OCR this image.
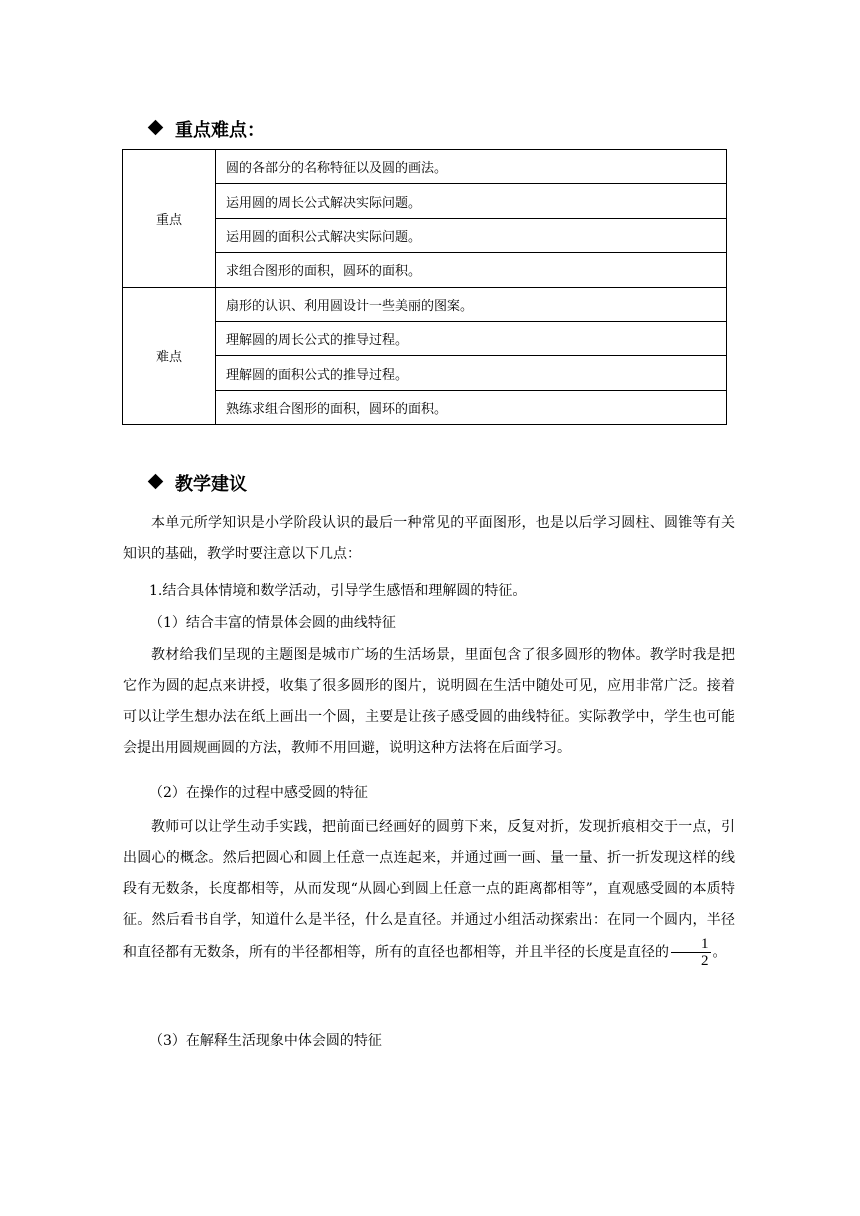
重点难点：
重点	圆的各部分的名称特征以及圆的画法。
	运用圆的周长公式解决实际问题。
	运用圆的面积公式解决实际问题。
	求组合图形的面积，圆环的面积。
难点	扇形的认识、利用圆设计一些美丽的图案。
	理解圆的周长公式的推导过程。
	理解圆的面积公式的推导过程。
	熟练求组合图形的面积，圆环的面积。
教学建议

本单元所学知识是小学阶段认识的最后一种常见的平面图形，也是以后学习圆柱、圆锥等有关知识的基础，教学时要注意以下几点：

1.结合具体情境和数学活动，引导学生感悟和理解圆的特征。

（1）结合丰富的情景体会圆的曲线特征

教材给我们呈现的主题图是城市广场的生活场景，里面包含了很多圆形的物体。教学时我是把它作为圆的起点来讲授，收集了很多圆形的图片，说明圆在生活中随处可见，应用非常广泛。接着可以让学生想办法在纸上画出一个圆，主要是让孩子感受圆的曲线特征。实际教学中，学生也可能会提出用圆规画圆的方法，教师不用回避，说明这种方法将在后面学习。

（2）在操作的过程中感受圆的特征

教师可以让学生动手实践，把前面已经画好的圆剪下来，反复对折，发现折痕相交于一点，引出圆心的概念。然后把圆心和圆上任意一点连起来，并通过画一画、量一量、折一折发现这样的线段有无数条，长度都相等，从而发现“从圆心到圆上任意一点的距离都相等”，直观感受圆的本质特征。然后看书自学，知道什么是半径，什么是直径。并通过小组活动探索出：在同一个圆内，半径和直径都有无数条，所有的半径都相等，所有的直径也都相等，并且半径的长度是直径的 $\frac{1}{2}$ 。

（3）在解释生活现象中体会圆的特征
